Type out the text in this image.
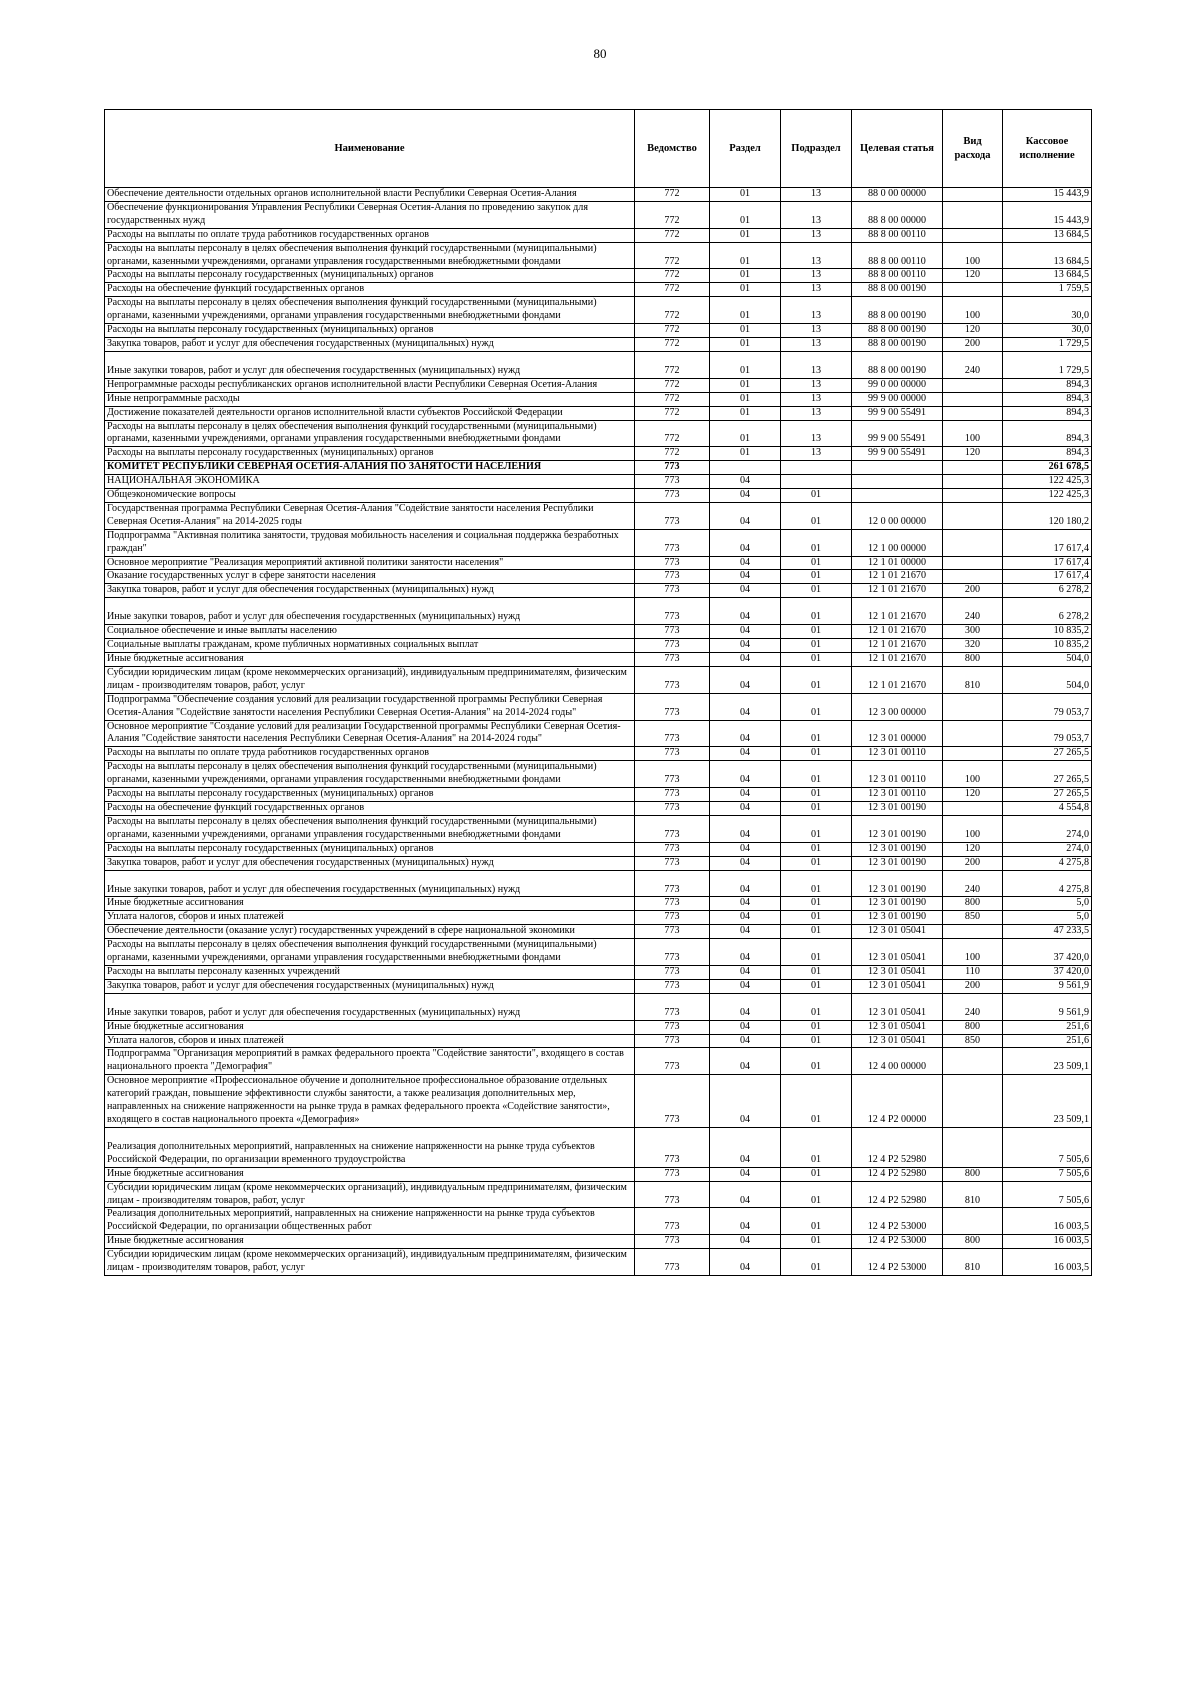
80
Наименование	Ведомство	Раздел	Подраздел	Целевая статья	Вид расхода	Кассовое исполнение
Обеспечение деятельности отдельных органов исполнительной власти Республики Северная Осетия-Алания	772	01	13	88 0 00 00000		15 443,9
Обеспечение функционирования Управления Республики Северная Осетия-Алания по проведению закупок для государственных нужд	772	01	13	88 8 00 00000		15 443,9
Расходы на выплаты по оплате труда работников государственных органов	772	01	13	88 8 00 00110		13 684,5
Расходы на выплаты персоналу в целях обеспечения выполнения функций государственными (муниципальными) органами, казенными учреждениями, органами управления государственными внебюджетными фондами	772	01	13	88 8 00 00110	100	13 684,5
Расходы на выплаты персоналу государственных (муниципальных) органов	772	01	13	88 8 00 00110	120	13 684,5
Расходы на обеспечение функций государственных органов	772	01	13	88 8 00 00190		1 759,5
Расходы на выплаты персоналу в целях обеспечения выполнения функций государственными (муниципальными) органами, казенными учреждениями, органами управления государственными внебюджетными фондами	772	01	13	88 8 00 00190	100	30,0
Расходы на выплаты персоналу государственных (муниципальных) органов	772	01	13	88 8 00 00190	120	30,0
Закупка товаров, работ и услуг для обеспечения государственных (муниципальных) нужд	772	01	13	88 8 00 00190	200	1 729,5
Иные закупки товаров, работ и услуг для обеспечения государственных (муниципальных) нужд	772	01	13	88 8 00 00190	240	1 729,5
Непрограммные расходы республиканских органов исполнительной власти Республики Северная Осетия-Алания	772	01	13	99 0 00 00000		894,3
Иные непрограммные расходы	772	01	13	99 9 00 00000		894,3
Достижение показателей деятельности органов исполнительной власти субъектов Российской Федерации	772	01	13	99 9 00 55491		894,3
Расходы на выплаты персоналу в целях обеспечения выполнения функций государственными (муниципальными) органами, казенными учреждениями, органами управления государственными внебюджетными фондами	772	01	13	99 9 00 55491	100	894,3
Расходы на выплаты персоналу государственных (муниципальных) органов	772	01	13	99 9 00 55491	120	894,3
КОМИТЕТ РЕСПУБЛИКИ СЕВЕРНАЯ ОСЕТИЯ-АЛАНИЯ ПО ЗАНЯТОСТИ НАСЕЛЕНИЯ	773					261 678,5
НАЦИОНАЛЬНАЯ ЭКОНОМИКА	773	04				122 425,3
Общеэкономические вопросы	773	04	01			122 425,3
Государственная программа Республики Северная Осетия-Алания "Содействие занятости населения Республики Северная Осетия-Алания" на 2014-2025 годы	773	04	01	12 0 00 00000		120 180,2
Подпрограмма "Активная политика занятости, трудовая мобильность населения и социальная поддержка безработных граждан"	773	04	01	12 1 00 00000		17 617,4
Основное мероприятие "Реализация мероприятий активной политики занятости населения"	773	04	01	12 1 01 00000		17 617,4
Оказание государственных услуг в сфере занятости населения	773	04	01	12 1 01 21670		17 617,4
Закупка товаров, работ и услуг для обеспечения государственных (муниципальных) нужд	773	04	01	12 1 01 21670	200	6 278,2
Иные закупки товаров, работ и услуг для обеспечения государственных (муниципальных) нужд	773	04	01	12 1 01 21670	240	6 278,2
Социальное обеспечение и иные выплаты населению	773	04	01	12 1 01 21670	300	10 835,2
Социальные выплаты гражданам, кроме публичных нормативных социальных выплат	773	04	01	12 1 01 21670	320	10 835,2
Иные бюджетные ассигнования	773	04	01	12 1 01 21670	800	504,0
Субсидии юридическим лицам (кроме некоммерческих организаций), индивидуальным предпринимателям, физическим лицам - производителям товаров, работ, услуг	773	04	01	12 1 01 21670	810	504,0
Подпрограмма "Обеспечение создания условий для реализации государственной программы Республики Северная Осетия-Алания "Содействие занятости населения Республики Северная Осетия-Алания" на 2014-2024 годы"	773	04	01	12 3 00 00000		79 053,7
Основное мероприятие "Создание условий для реализации Государственной программы Республики Северная Осетия-Алания "Содействие занятости населения Республики Северная Осетия-Алания" на 2014-2024 годы"	773	04	01	12 3 01 00000		79 053,7
Расходы на выплаты по оплате труда работников государственных органов	773	04	01	12 3 01 00110		27 265,5
Расходы на выплаты персоналу в целях обеспечения выполнения функций государственными (муниципальными) органами, казенными учреждениями, органами управления государственными внебюджетными фондами	773	04	01	12 3 01 00110	100	27 265,5
Расходы на выплаты персоналу государственных (муниципальных) органов	773	04	01	12 3 01 00110	120	27 265,5
Расходы на обеспечение функций государственных органов	773	04	01	12 3 01 00190		4 554,8
Расходы на выплаты персоналу в целях обеспечения выполнения функций государственными (муниципальными) органами, казенными учреждениями, органами управления государственными внебюджетными фондами	773	04	01	12 3 01 00190	100	274,0
Расходы на выплаты персоналу государственных (муниципальных) органов	773	04	01	12 3 01 00190	120	274,0
Закупка товаров, работ и услуг для обеспечения государственных (муниципальных) нужд	773	04	01	12 3 01 00190	200	4 275,8
Иные закупки товаров, работ и услуг для обеспечения государственных (муниципальных) нужд	773	04	01	12 3 01 00190	240	4 275,8
Иные бюджетные ассигнования	773	04	01	12 3 01 00190	800	5,0
Уплата налогов, сборов и иных платежей	773	04	01	12 3 01 00190	850	5,0
Обеспечение деятельности (оказание услуг) государственных учреждений в сфере национальной экономики	773	04	01	12 3 01 05041		47 233,5
Расходы на выплаты персоналу в целях обеспечения выполнения функций государственными (муниципальными) органами, казенными учреждениями, органами управления государственными внебюджетными фондами	773	04	01	12 3 01 05041	100	37 420,0
Расходы на выплаты персоналу казенных учреждений	773	04	01	12 3 01 05041	110	37 420,0
Закупка товаров, работ и услуг для обеспечения государственных (муниципальных) нужд	773	04	01	12 3 01 05041	200	9 561,9
Иные закупки товаров, работ и услуг для обеспечения государственных (муниципальных) нужд	773	04	01	12 3 01 05041	240	9 561,9
Иные бюджетные ассигнования	773	04	01	12 3 01 05041	800	251,6
Уплата налогов, сборов и иных платежей	773	04	01	12 3 01 05041	850	251,6
Подпрограмма "Организация мероприятий в рамках федерального проекта "Содействие занятости", входящего в состав национального проекта "Демография"	773	04	01	12 4 00 00000		23 509,1
Основное мероприятие «Профессиональное обучение и дополнительное профессиональное образование отдельных категорий граждан, повышение эффективности службы занятости, а также реализация дополнительных мер, направленных на снижение напряженности на рынке труда в рамках федерального проекта «Содействие занятости», входящего в состав национального проекта «Демография»	773	04	01	12 4 Р2 00000		23 509,1
Реализация дополнительных мероприятий, направленных на снижение напряженности на рынке труда субъектов Российской Федерации, по организации временного трудоустройства	773	04	01	12 4 Р2 52980		7 505,6
Иные бюджетные ассигнования	773	04	01	12 4 Р2 52980	800	7 505,6
Субсидии юридическим лицам (кроме некоммерческих организаций), индивидуальным предпринимателям, физическим лицам - производителям товаров, работ, услуг	773	04	01	12 4 Р2 52980	810	7 505,6
Реализация дополнительных мероприятий, направленных на снижение напряженности на рынке труда субъектов Российской Федерации, по организации общественных работ	773	04	01	12 4 Р2 53000		16 003,5
Иные бюджетные ассигнования	773	04	01	12 4 Р2 53000	800	16 003,5
Субсидии юридическим лицам (кроме некоммерческих организаций), индивидуальным предпринимателям, физическим лицам - производителям товаров, работ, услуг	773	04	01	12 4 Р2 53000	810	16 003,5
